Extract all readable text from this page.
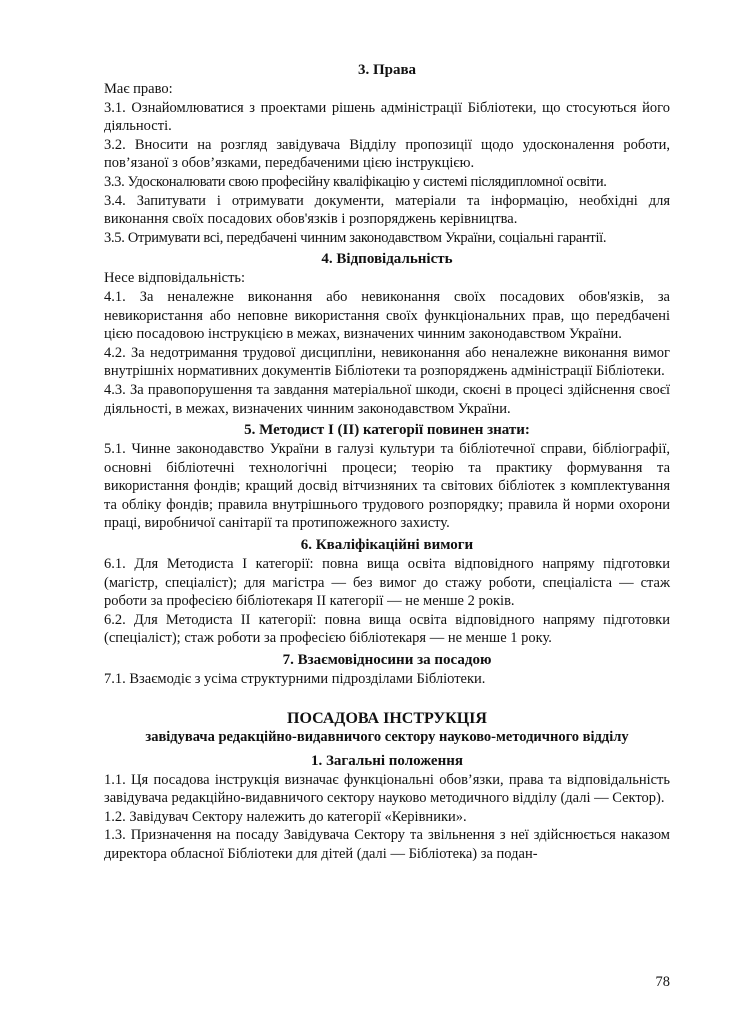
3. Права

Має право:

3.1. Ознайомлюватися з проектами рішень адміністрації Бібліотеки, що стосуються його діяльності.

3.2. Вносити на розгляд завідувача Відділу пропозиції щодо удосконалення роботи, пов’язаної з обов’язками, передбаченими цією інструкцією.

3.3. Удосконалювати свою професійну кваліфікацію у системі післядипломної освіти.

3.4. Запитувати і отримувати документи, матеріали та інформацію, необхідні для виконання своїх посадових обов'язків і розпоряджень керівництва.

3.5. Отримувати всі, передбачені чинним законодавством України, соціальні гарантії.

4. Відповідальність

Несе відповідальність:

4.1. За неналежне виконання або невиконання своїх посадових обов'язків, за невикористання або неповне використання своїх функціональних прав, що передбачені цією посадовою інструкцією в межах, визначених чинним законодавством України.

4.2. За недотримання трудової дисципліни, невиконання або неналежне виконання вимог внутрішніх нормативних документів Бібліотеки та розпоряджень адміністрації Бібліотеки.

4.3. За правопорушення та завдання матеріальної шкоди, скоєні в процесі здійснення своєї діяльності, в межах, визначених чинним законодавством України.

5. Методист І (ІІ) категорії повинен знати:

5.1. Чинне законодавство України в галузі культури та бібліотечної справи, бібліографії, основні бібліотечні технологічні процеси; теорію та практику формування та використання фондів; кращий досвід вітчизняних та світових бібліотек з комплектування та обліку фондів; правила внутрішнього трудового розпорядку; правила й норми охорони праці, виробничої санітарії та протипожежного захисту.

6. Кваліфікаційні вимоги

6.1. Для Методиста І категорії: повна вища освіта відповідного напряму підготовки (магістр, спеціаліст); для магістра — без вимог до стажу роботи, спеціаліста — стаж роботи за професією бібліотекаря ІІ категорії — не менше 2 років.

6.2. Для Методиста ІІ категорії: повна вища освіта відповідного напряму підготовки (спеціаліст); стаж роботи за професією бібліотекаря — не менше 1 року.

7. Взаємовідносини за посадою

7.1. Взаємодіє з усіма структурними підрозділами Бібліотеки.

ПОСАДОВА ІНСТРУКЦІЯ
завідувача редакційно-видавничого сектору науково-методичного відділу
1. Загальні положення

1.1. Ця посадова інструкція визначає функціональні обов’язки, права та відповідальність завідувача редакційно-видавничого сектору науково методичного відділу (далі — Сектор).

1.2. Завідувач Сектору належить до категорії «Керівники».

1.3. Призначення на посаду Завідувача Сектору та звільнення з неї здійснюється наказом директора обласної Бібліотеки для дітей (далі — Бібліотека) за подан-

78
